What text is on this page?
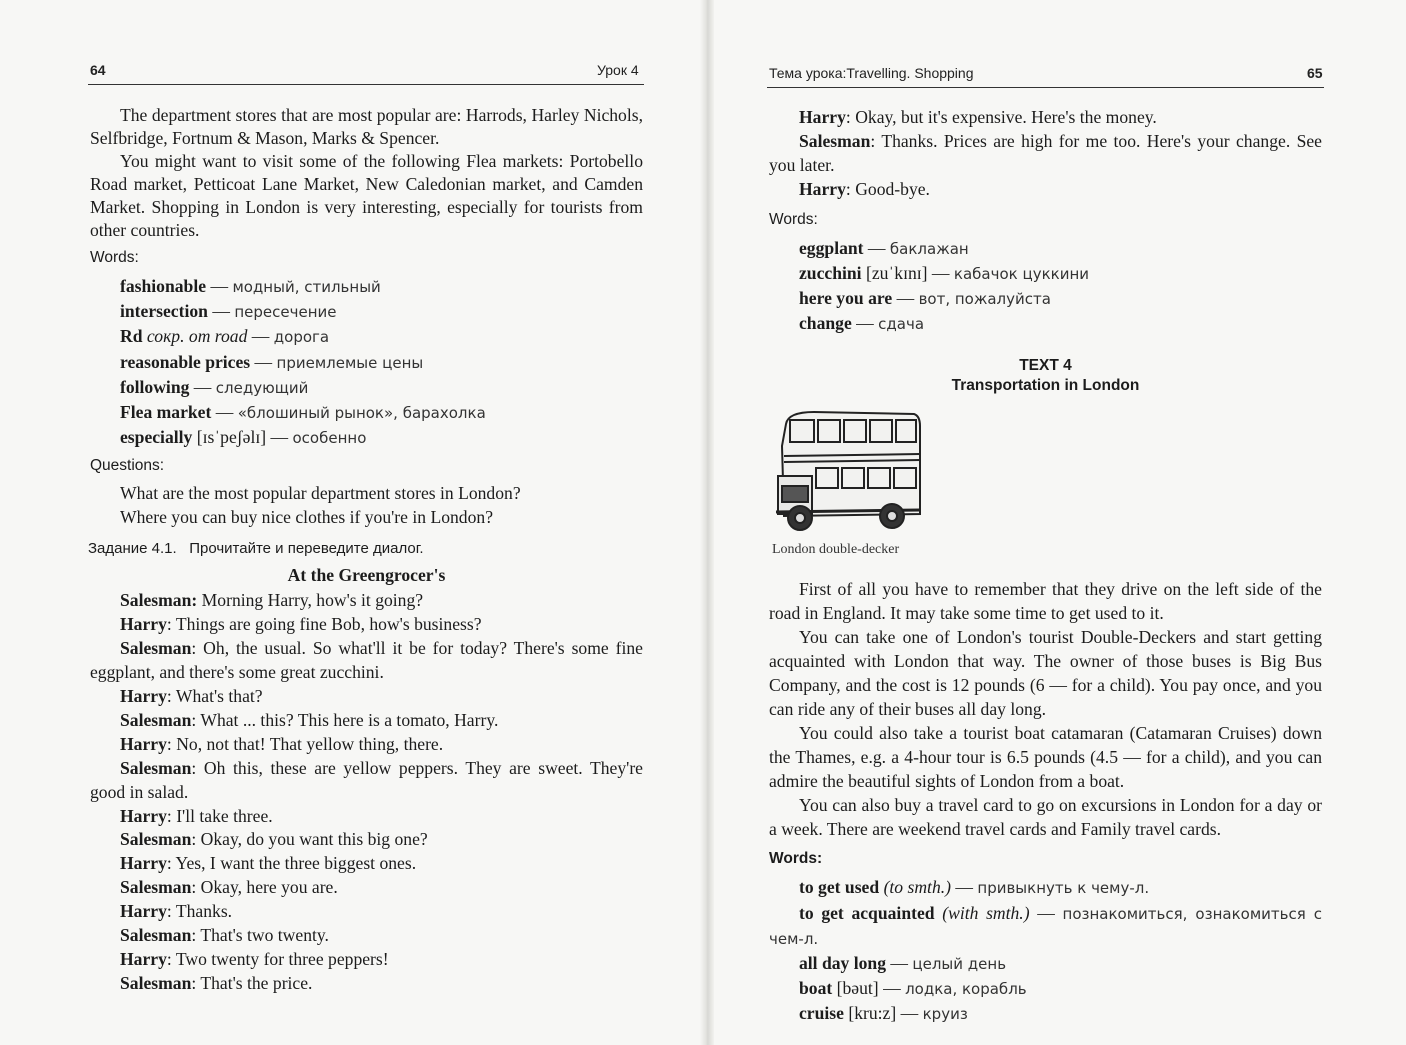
64	Урок 4

The department stores that are most popular are: Harrods, Harley Nichols, Selfbridge, Fortnum & Mason, Marks & Spencer.

You might want to visit some of the following Flea markets: Portobello Road market, Petticoat Lane Market, New Caledonian market, and Camden Market. Shopping in London is very interesting, especially for tourists from other countries.

Words:

fashionable — модный, стильный

intersection — пересечение

Rd сокр. от road — дорога

reasonable prices — приемлемые цены

following — следующий

Flea market — «блошиный рынок», барахолка

especially [ɪsˈpeʃəlɪ] — особенно

Questions:

What are the most popular department stores in London?

Where you can buy nice clothes if you're in London?

Задание 4.1.   Прочитайте и переведите диалог.

At the Greengrocer's

Salesman: Morning Harry, how's it going?

Harry: Things are going fine Bob, how's business?

Salesman: Oh, the usual. So what'll it be for today? There's some fine eggplant, and there's some great zucchini.

Harry: What's that?

Salesman: What ... this? This here is a tomato, Harry.

Harry: No, not that! That yellow thing, there.

Salesman: Oh this, these are yellow peppers. They are sweet. They're good in salad.

Harry: I'll take three.

Salesman: Okay, do you want this big one?

Harry: Yes, I want the three biggest ones.

Salesman: Okay, here you are.

Harry: Thanks.

Salesman: That's two twenty.

Harry: Two twenty for three peppers!

Salesman: That's the price.

Тема урока:Travelling. Shopping	65

Harry: Okay, but it's expensive. Here's the money.

Salesman: Thanks. Prices are high for me too. Here's your change. See you later.

Harry: Good-bye.

Words:

eggplant — баклажан

zucchini [zuˈkɪnɪ] — кабачок цуккини

here you are — вот, пожалуйста

change — сдача

TEXT 4
Transportation in London

First of all you have to remember that they drive on the left side of the road in England. It may take some time to get used to it.

You can take one of London's tourist Double-Deckers and start getting acquainted with London that way. The owner of those buses is Big Bus Company, and the cost is 12 pounds (6 — for a child). You pay once, and you can ride any of their buses all day long.

You could also take a tourist boat catamaran (Catamaran Cruises) down the Thames, e.g. a 4-hour tour is 6.5 pounds (4.5 — for a child), and you can admire the beautiful sights of London from a boat.

You can also buy a travel card to go on excursions in London for a day or a week. There are weekend travel cards and Family travel cards.

Words:

to get used (to smth.) — привыкнуть к чему-л.

to get acquainted (with smth.) — познакомиться, ознакомиться с чем-л.

all day long — целый день

boat [bəut] — лодка, корабль

cruise [kru:z] — круиз

London double-decker
